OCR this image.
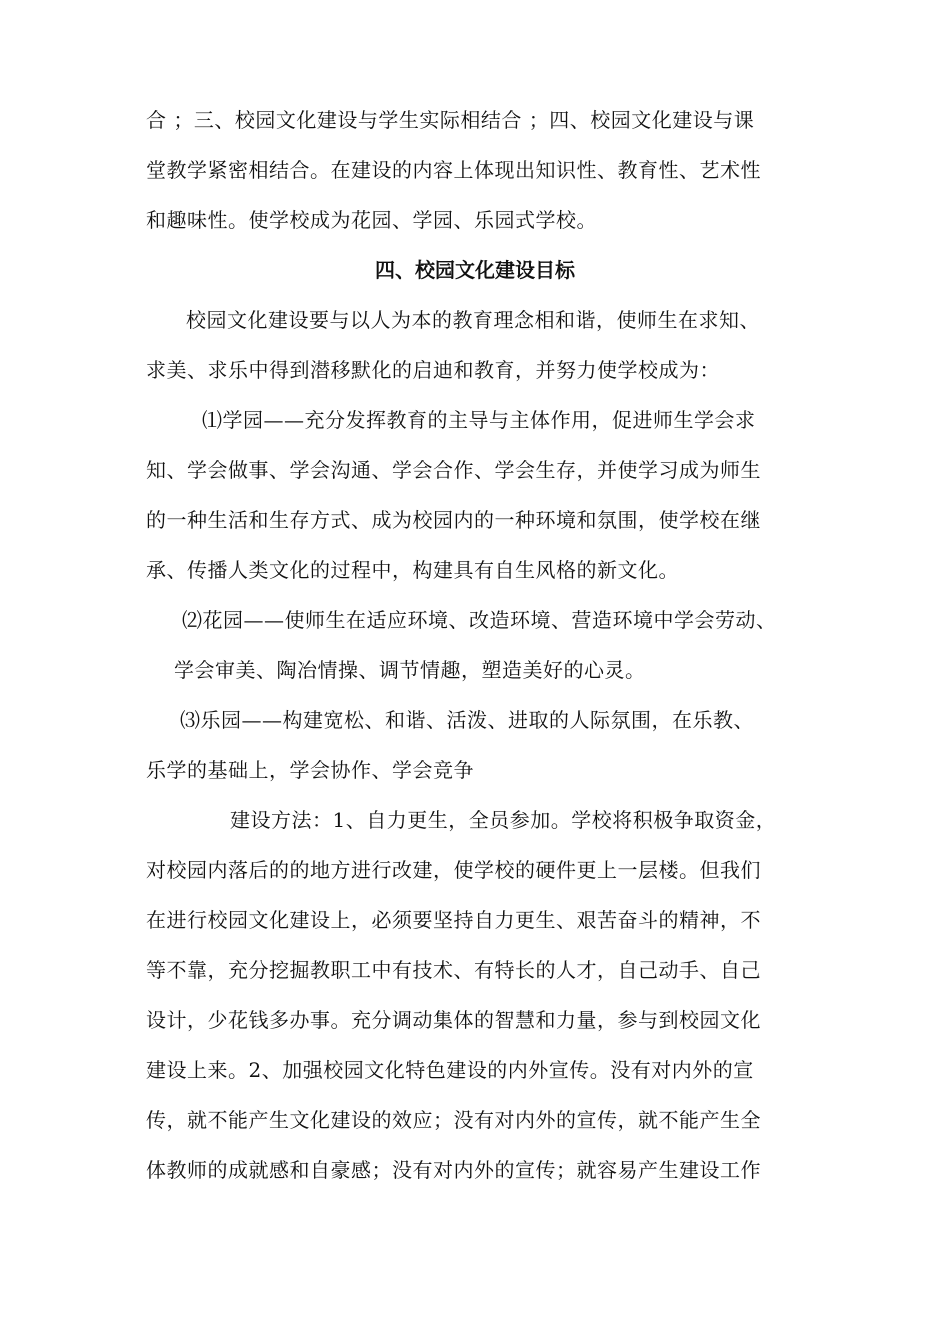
合 ；三、校园文化建设与学生实际相结合 ；四、校园文化建设与课
堂教学紧密相结合。在建设的内容上体现出知识性、教育性、艺术性
和趣味性。使学校成为花园、学园、乐园式学校。
四、校园文化建设目标
校园文化建设要与以人为本的教育理念相和谐，使师生在求知、
求美、求乐中得到潜移默化的启迪和教育，并努力使学校成为：
⑴学园——充分发挥教育的主导与主体作用，促进师生学会求
知、学会做事、学会沟通、学会合作、学会生存，并使学习成为师生
的一种生活和生存方式、成为校园内的一种环境和氛围，使学校在继
承、传播人类文化的过程中，构建具有自生风格的新文化。
⑵花园——使师生在适应环境、改造环境、营造环境中学会劳动、
学会审美、陶冶情操、调节情趣，塑造美好的心灵。
⑶乐园——构建宽松、和谐、活泼、进取的人际氛围，在乐教、
乐学的基础上，学会协作、学会竞争
建设方法：1、自力更生，全员参加。学校将积极争取资金，
对校园内落后的的地方进行改建，使学校的硬件更上一层楼。但我们
在进行校园文化建设上，必须要坚持自力更生、艰苦奋斗的精神，不
等不靠，充分挖掘教职工中有技术、有特长的人才，自己动手、自己
设计，少花钱多办事。充分调动集体的智慧和力量，参与到校园文化
建设上来。2、加强校园文化特色建设的内外宣传。没有对内外的宣
传，就不能产生文化建设的效应；没有对内外的宣传，就不能产生全
体教师的成就感和自豪感；没有对内外的宣传；就容易产生建设工作
